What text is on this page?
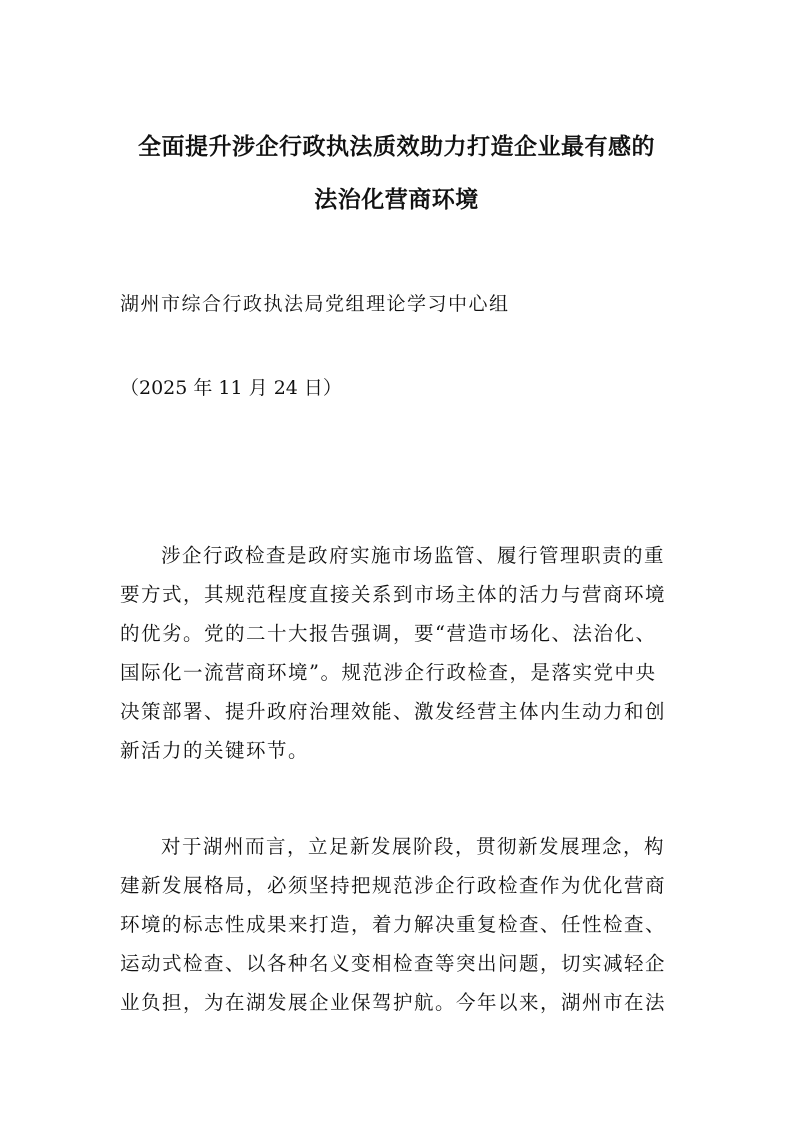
全面提升涉企行政执法质效助力打造企业最有感的
法治化营商环境
湖州市综合行政执法局党组理论学习中心组
（2025 年 11 月 24 日）
涉企行政检查是政府实施市场监管、履行管理职责的重
要方式，其规范程度直接关系到市场主体的活力与营商环境
的优劣。党的二十大报告强调，要“营造市场化、法治化、
国际化一流营商环境”。规范涉企行政检查，是落实党中央
决策部署、提升政府治理效能、激发经营主体内生动力和创
新活力的关键环节。
对于湖州而言，立足新发展阶段，贯彻新发展理念，构
建新发展格局，必须坚持把规范涉企行政检查作为优化营商
环境的标志性成果来打造，着力解决重复检查、任性检查、
运动式检查、以各种名义变相检查等突出问题，切实减轻企
业负担，为在湖发展企业保驾护航。今年以来，湖州市在法
